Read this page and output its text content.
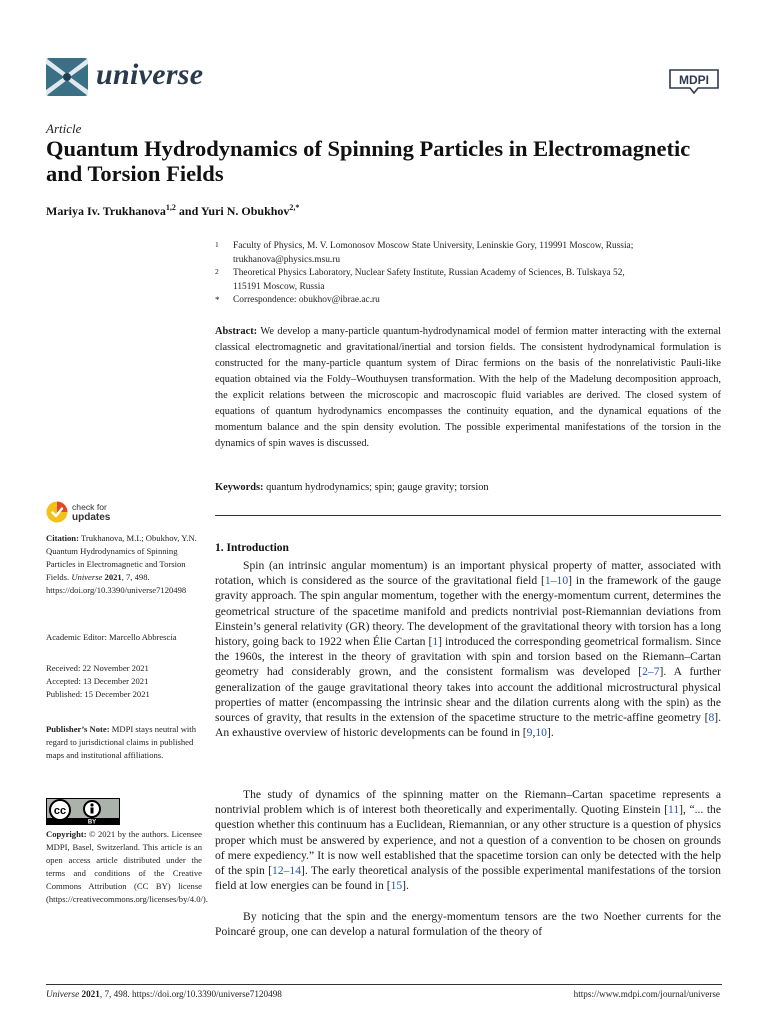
universe	MDPI
Article
Quantum Hydrodynamics of Spinning Particles in Electromagnetic and Torsion Fields
Mariya Iv. Trukhanova$^{1,2}$ and Yuri N. Obukhov$^{2,*}$
1 Faculty of Physics, M. V. Lomonosov Moscow State University, Leninskie Gory, 119991 Moscow, Russia;
trukhanova@physics.msu.ru
2 Theoretical Physics Laboratory, Nuclear Safety Institute, Russian Academy of Sciences, B. Tulskaya 52,
115191 Moscow, Russia
* Correspondence: obukhov@ibrae.ac.ru
Abstract: We develop a many-particle quantum-hydrodynamical model of fermion matter interacting with the external classical electromagnetic and gravitational/inertial and torsion fields. The consistent hydrodynamical formulation is constructed for the many-particle quantum system of Dirac fermions on the basis of the nonrelativistic Pauli-like equation obtained via the Foldy–Wouthuysen transformation. With the help of the Madelung decomposition approach, the explicit relations between the microscopic and macroscopic fluid variables are derived. The closed system of equations of quantum hydrodynamics encompasses the continuity equation, and the dynamical equations of the momentum balance and the spin density evolution. The possible experimental manifestations of the torsion in the dynamics of spin waves is discussed.
Keywords: quantum hydrodynamics; spin; gauge gravity; torsion
check for
updates
Citation: Trukhanova, M.I.; Obukhov, Y.N. Quantum Hydrodynamics of Spinning Particles in Electromagnetic and Torsion Fields. Universe 2021, 7, 498. https://doi.org/10.3390/universe7120498
Academic Editor: Marcello Abbrescia
Received: 22 November 2021
Accepted: 13 December 2021
Published: 15 December 2021
Publisher’s Note: MDPI stays neutral with regard to jurisdictional claims in published maps and institutional affiliations.
cc
BY
Copyright: © 2021 by the authors. Licensee MDPI, Basel, Switzerland. This article is an open access article distributed under the terms and conditions of the Creative Commons Attribution (CC BY) license (https://creativecommons.org/licenses/by/4.0/).
1. Introduction
Spin (an intrinsic angular momentum) is an important physical property of matter, associated with rotation, which is considered as the source of the gravitational field [1–10] in the framework of the gauge gravity approach. The spin angular momentum, together with the energy-momentum current, determines the geometrical structure of the spacetime manifold and predicts nontrivial post-Riemannian deviations from Einstein’s general relativity (GR) theory. The development of the gravitational theory with torsion has a long history, going back to 1922 when Élie Cartan [1] introduced the corresponding geometrical formalism. Since the 1960s, the interest in the theory of gravitation with spin and torsion based on the Riemann–Cartan geometry had considerably grown, and the consistent formalism was developed [2–7]. A further generalization of the gauge gravitational theory takes into account the additional microstructural physical properties of matter (encompassing the intrinsic shear and the dilation currents along with the spin) as the sources of gravity, that results in the extension of the spacetime structure to the metric-affine geometry [8]. An exhaustive overview of historic developments can be found in [9,10].
The study of dynamics of the spinning matter on the Riemann–Cartan spacetime represents a nontrivial problem which is of interest both theoretically and experimentally. Quoting Einstein [11], “... the question whether this continuum has a Euclidean, Riemannian, or any other structure is a question of physics proper which must be answered by experience, and not a question of a convention to be chosen on grounds of mere expediency.” It is now well established that the spacetime torsion can only be detected with the help of the spin [12–14]. The early theoretical analysis of the possible experimental manifestations of the torsion field at low energies can be found in [15].
By noticing that the spin and the energy-momentum tensors are the two Noether currents for the Poincaré group, one can develop a natural formulation of the theory of
Universe 2021, 7, 498. https://doi.org/10.3390/universe7120498	https://www.mdpi.com/journal/universe
